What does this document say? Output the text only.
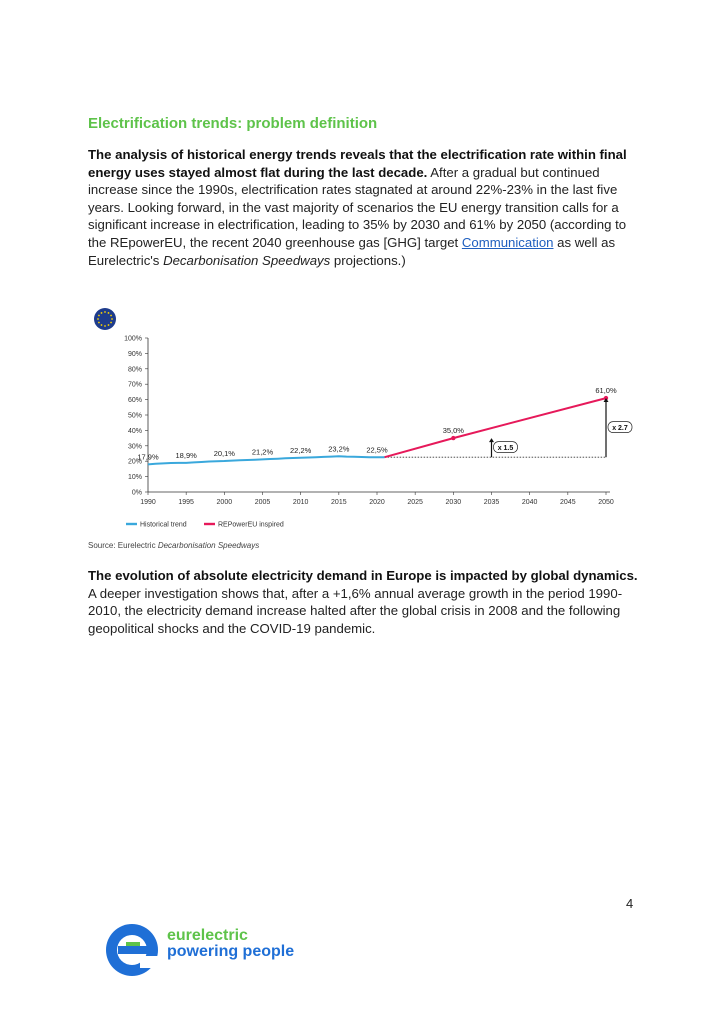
Electrification trends: problem definition

The analysis of historical energy trends reveals that the electrification rate within final energy uses stayed almost flat during the last decade. After a gradual but continued increase since the 1990s, electrification rates stagnated at around 22%-23% in the last five years. Looking forward, in the vast majority of scenarios the EU energy transition calls for a significant increase in electrification, leading to 35% by 2030 and 61% by 2050 (according to the REpowerEU, the recent 2040 greenhouse gas [GHG] target Communication as well as Eurelectric's Decarbonisation Speedways projections.)

0%
10%
20%
30%
40%
50%
60%
70%
80%
90%
100%
1990	1995	2000	2005	2010	2015	2020	2025	2030	2035	2040	2045	2050
17,9% 18,9% 20,1% 21,2% 22,2% 23,2% 22,5%
35,0%
61,0%
x 1.5
x 2.7
Historical trend	REPowerEU inspired

Source: Eurelectric Decarbonisation Speedways

The evolution of absolute electricity demand in Europe is impacted by global dynamics. A deeper investigation shows that, after a +1,6% annual average growth in the period 1990-2010, the electricity demand increase halted after the global crisis in 2008 and the following geopolitical shocks and the COVID-19 pandemic.

4
eurelectric
powering people
